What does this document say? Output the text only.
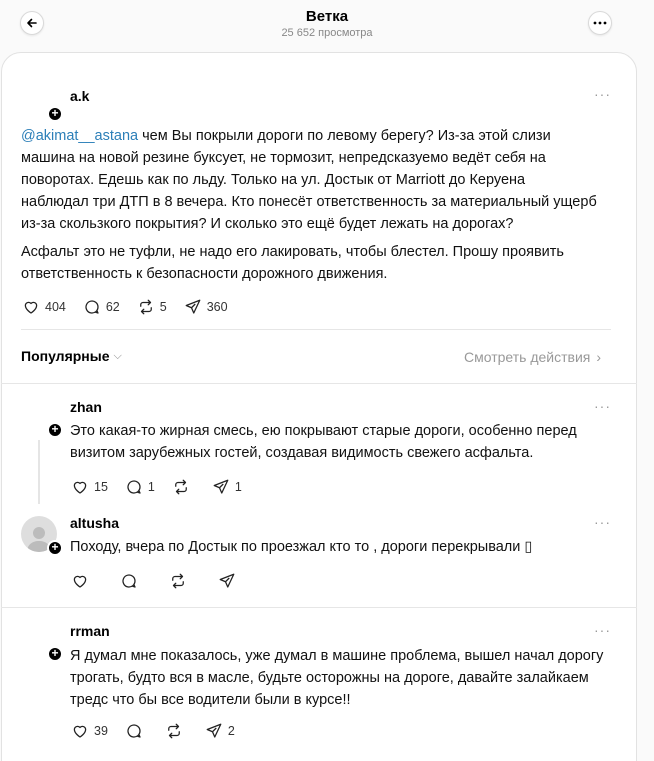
Ветка
25 652 просмотра
+
a.k	···
@akimat__astana чем Вы покрыли дороги по левому берегу? Из-за этой слизи
машина на новой резине буксует, не тормозит, непредсказуемо ведёт себя на
поворотах. Едешь как по льду. Только на ул. Достык от Marriott до Керуена
наблюдал три ДТП в 8 вечера. Кто понесёт ответственность за материальный ущерб
из-за скользкого покрытия? И сколько это ещё будет лежать на дорогах?
Асфальт это не туфли, не надо его лакировать, чтобы блестел. Прошу проявить
ответственность к безопасности дорожного движения.
404	62	5	360
Популярные ⌵	Смотреть действия ›
+
zhan	···
Это какая-то жирная смесь, ею покрывают старые дороги, особенно перед
визитом зарубежных гостей, создавая видимость свежего асфальта.
15	1	1
+
altusha	···
Походу, вчера по Достык по проезжал кто то , дороги перекрывали ▯
+
rrman	···
Я думал мне показалось, уже думал в машине проблема, вышел начал дорогу
трогать, будто вся в масле, будьте осторожны на дороге, давайте залайкаем
тредс что бы все водители были в курсе!!
39	2
